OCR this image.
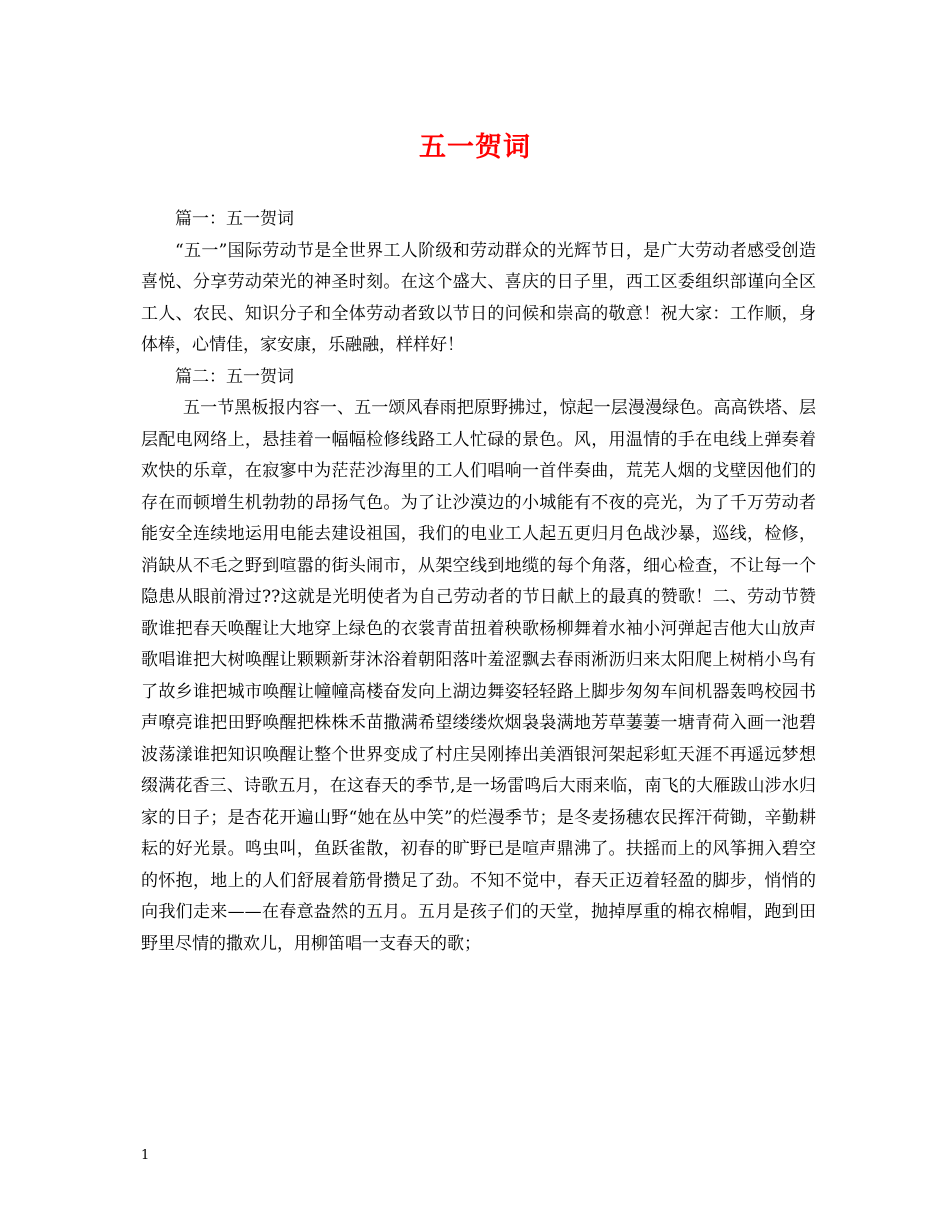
五一贺词

篇一：五一贺词

“五一”国际劳动节是全世界工人阶级和劳动群众的光辉节日，是广大劳动者感受创造喜悦、分享劳动荣光的神圣时刻。在这个盛大、喜庆的日子里，西工区委组织部谨向全区工人、农民、知识分子和全体劳动者致以节日的问候和崇高的敬意！祝大家：工作顺，身体棒，心情佳，家安康，乐融融，样样好！

篇二：五一贺词

五一节黑板报内容一、五一颂风春雨把原野拂过，惊起一层漫漫绿色。高高铁塔、层层配电网络上，悬挂着一幅幅检修线路工人忙碌的景色。风，用温情的手在电线上弹奏着欢快的乐章，在寂寥中为茫茫沙海里的工人们唱响一首伴奏曲，荒芜人烟的戈壁因他们的存在而顿增生机勃勃的昂扬气色。为了让沙漠边的小城能有不夜的亮光，为了千万劳动者能安全连续地运用电能去建设祖国，我们的电业工人起五更归月色战沙暴，巡线，检修，消缺从不毛之野到喧嚣的街头闹市，从架空线到地缆的每个角落，细心检查，不让每一个隐患从眼前滑过??这就是光明使者为自己劳动者的节日献上的最真的赞歌！二、劳动节赞歌谁把春天唤醒让大地穿上绿色的衣裳青苗扭着秧歌杨柳舞着水袖小河弹起吉他大山放声歌唱谁把大树唤醒让颗颗新芽沐浴着朝阳落叶羞涩飘去春雨淅沥归来太阳爬上树梢小鸟有了故乡谁把城市唤醒让幢幢高楼奋发向上湖边舞姿轻轻路上脚步匆匆车间机器轰鸣校园书声嘹亮谁把田野唤醒把株株禾苗撒满希望缕缕炊烟袅袅满地芳草萋萋一塘青荷入画一池碧波荡漾谁把知识唤醒让整个世界变成了村庄吴刚捧出美酒银河架起彩虹天涯不再遥远梦想缀满花香三、诗歌五月，在这春天的季节,是一场雷鸣后大雨来临，南飞的大雁跋山涉水归家的日子；是杏花开遍山野“她在丛中笑”的烂漫季节；是冬麦扬穗农民挥汗荷锄，辛勤耕耘的好光景。鸣虫叫，鱼跃雀散，初春的旷野已是喧声鼎沸了。扶摇而上的风筝拥入碧空的怀抱，地上的人们舒展着筋骨攒足了劲。不知不觉中，春天正迈着轻盈的脚步，悄悄的向我们走来——在春意盎然的五月。五月是孩子们的天堂，抛掉厚重的棉衣棉帽，跑到田野里尽情的撒欢儿，用柳笛唱一支春天的歌；

1
